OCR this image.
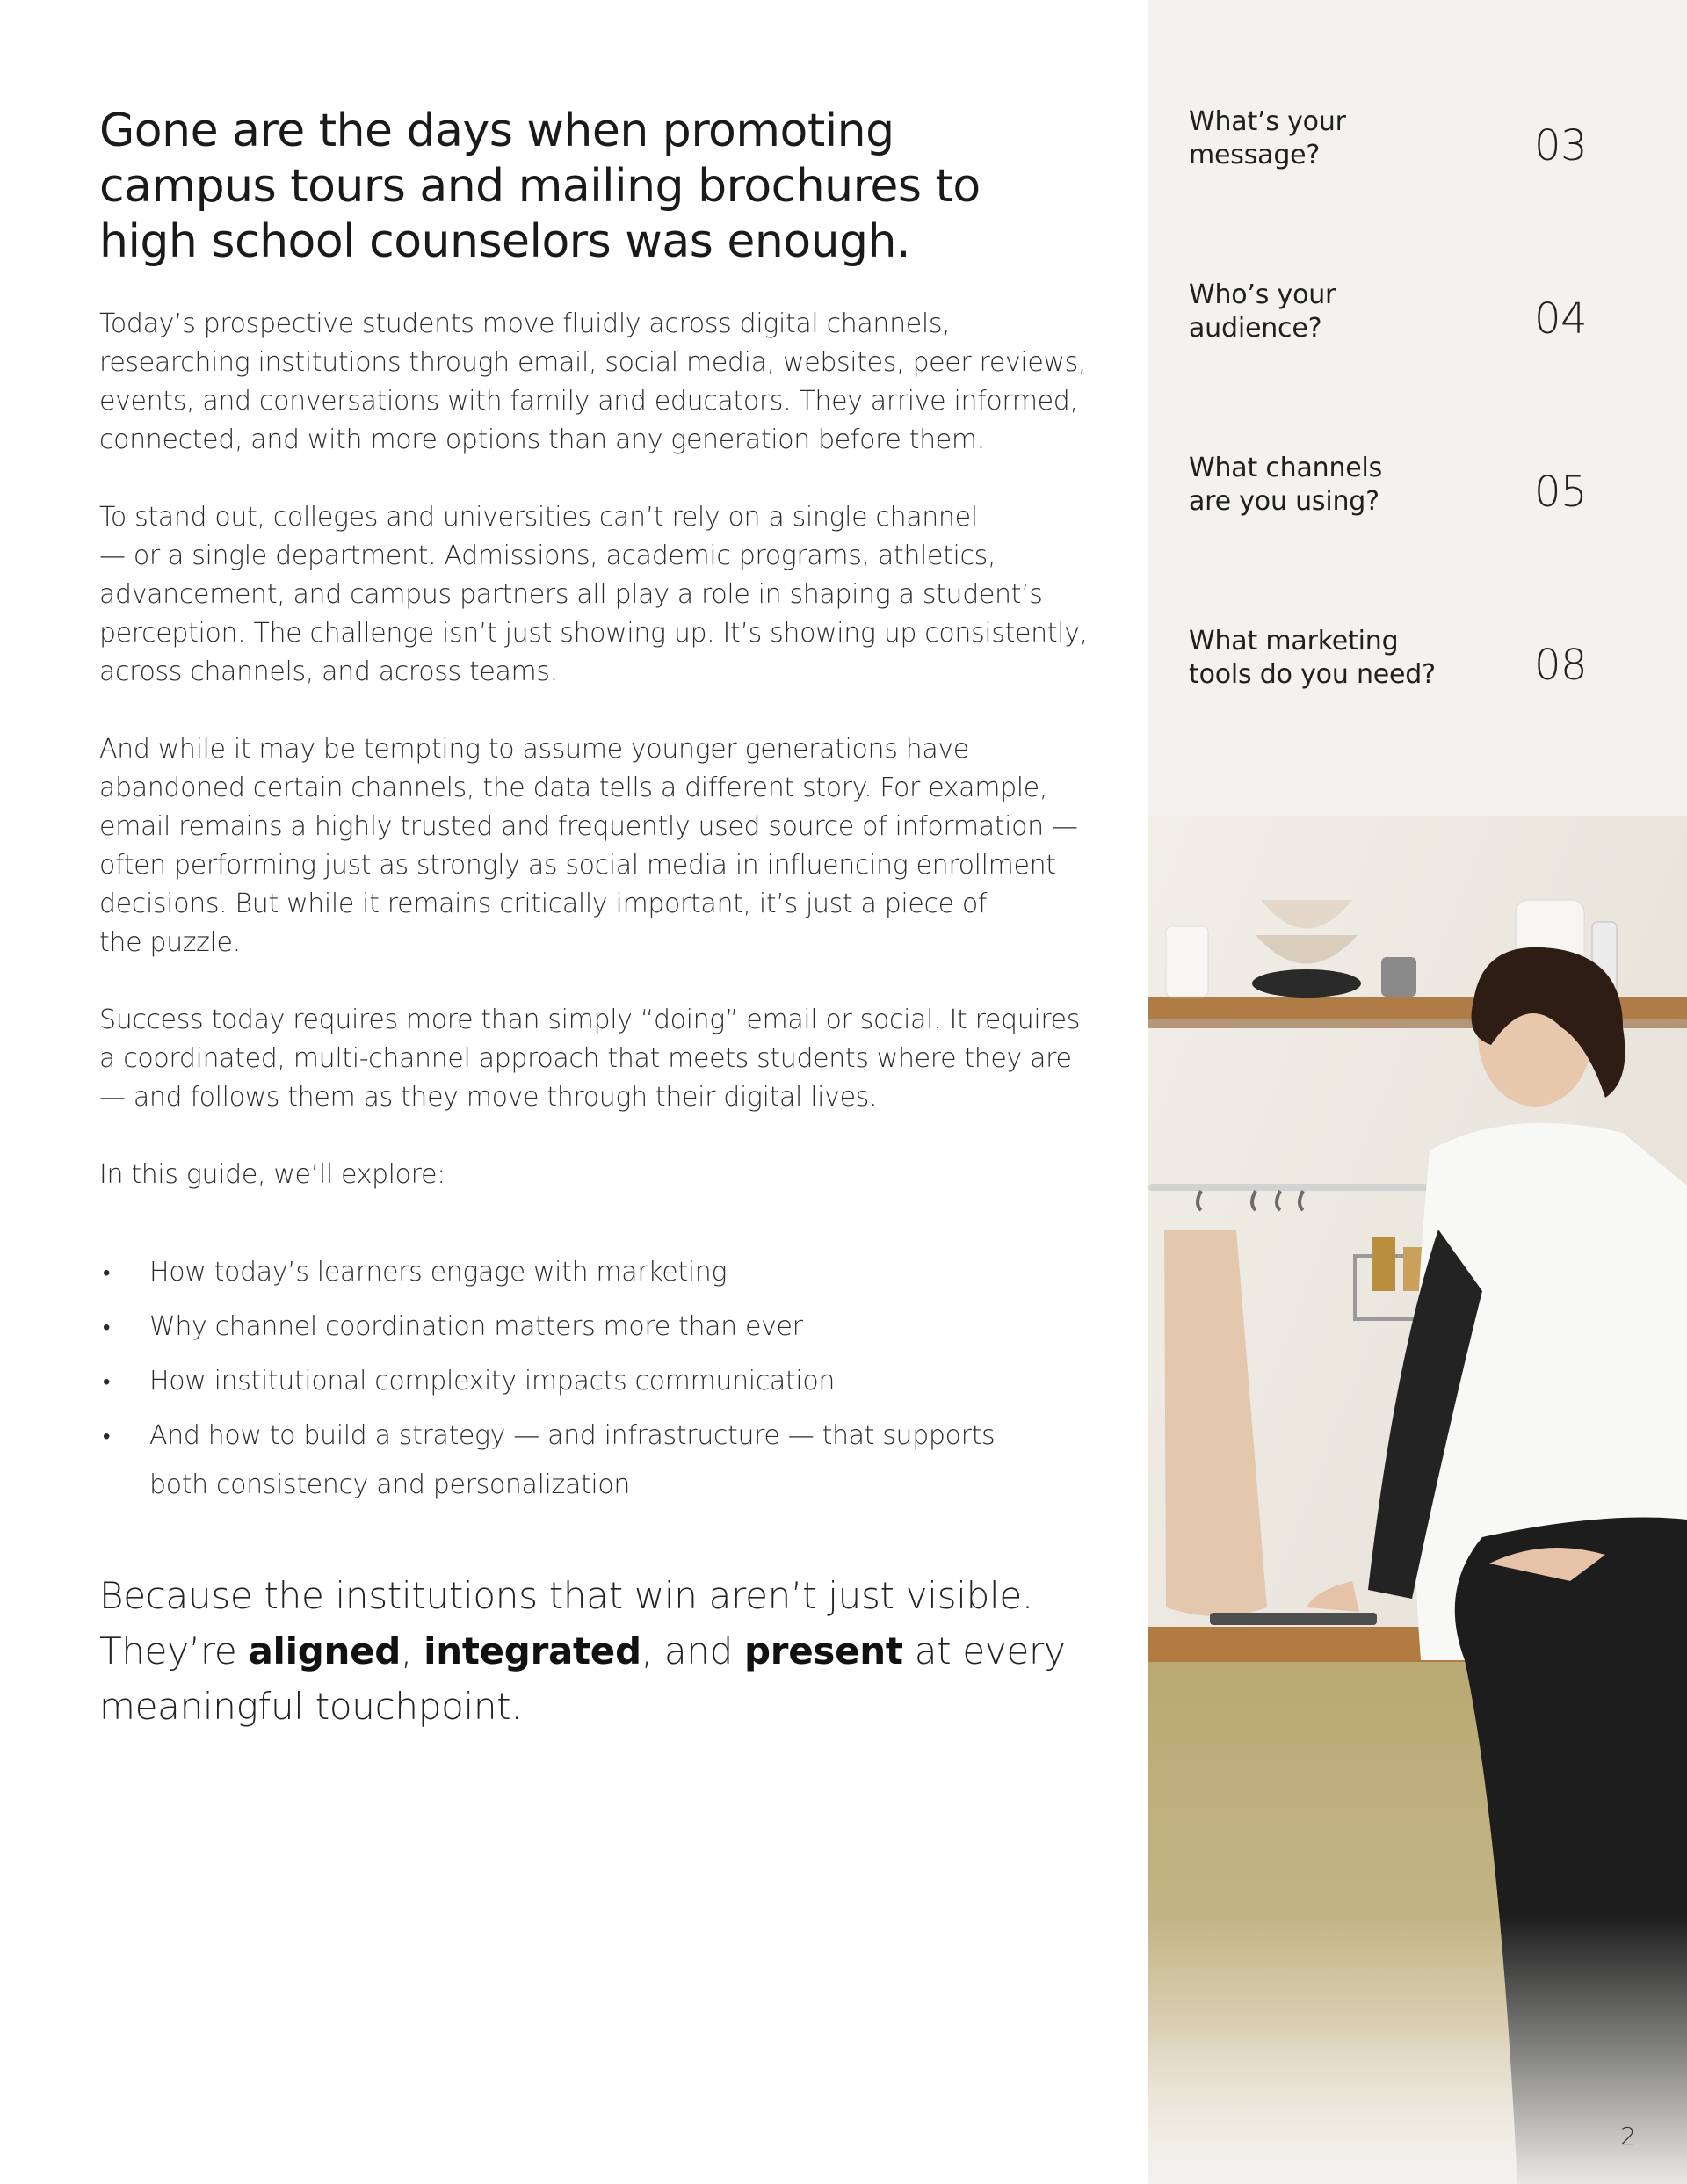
Gone are the days when promoting
campus tours and mailing brochures to
high school counselors was enough.

Today’s prospective students move fluidly across digital channels,
researching institutions through email, social media, websites, peer reviews,
events, and conversations with family and educators. They arrive informed,
connected, and with more options than any generation before them.

To stand out, colleges and universities can’t rely on a single channel
— or a single department. Admissions, academic programs, athletics,
advancement, and campus partners all play a role in shaping a student’s
perception. The challenge isn’t just showing up. It’s showing up consistently,
across channels, and across teams.

And while it may be tempting to assume younger generations have
abandoned certain channels, the data tells a different story. For example,
email remains a highly trusted and frequently used source of information —
often performing just as strongly as social media in influencing enrollment
decisions. But while it remains critically important, it’s just a piece of
the puzzle.

Success today requires more than simply “doing” email or social. It requires
a coordinated, multi-channel approach that meets students where they are
— and follows them as they move through their digital lives.

In this guide, we’ll explore:

• How today’s learners engage with marketing
• Why channel coordination matters more than ever
• How institutional complexity impacts communication
• And how to build a strategy — and infrastructure — that supports
both consistency and personalization

Because the institutions that win aren’t just visible.
They’re aligned, integrated, and present at every
meaningful touchpoint.

What’s your
message?	03
Who’s your
audience?	04
What channels
are you using?	05
What marketing
tools do you need?	08
2
